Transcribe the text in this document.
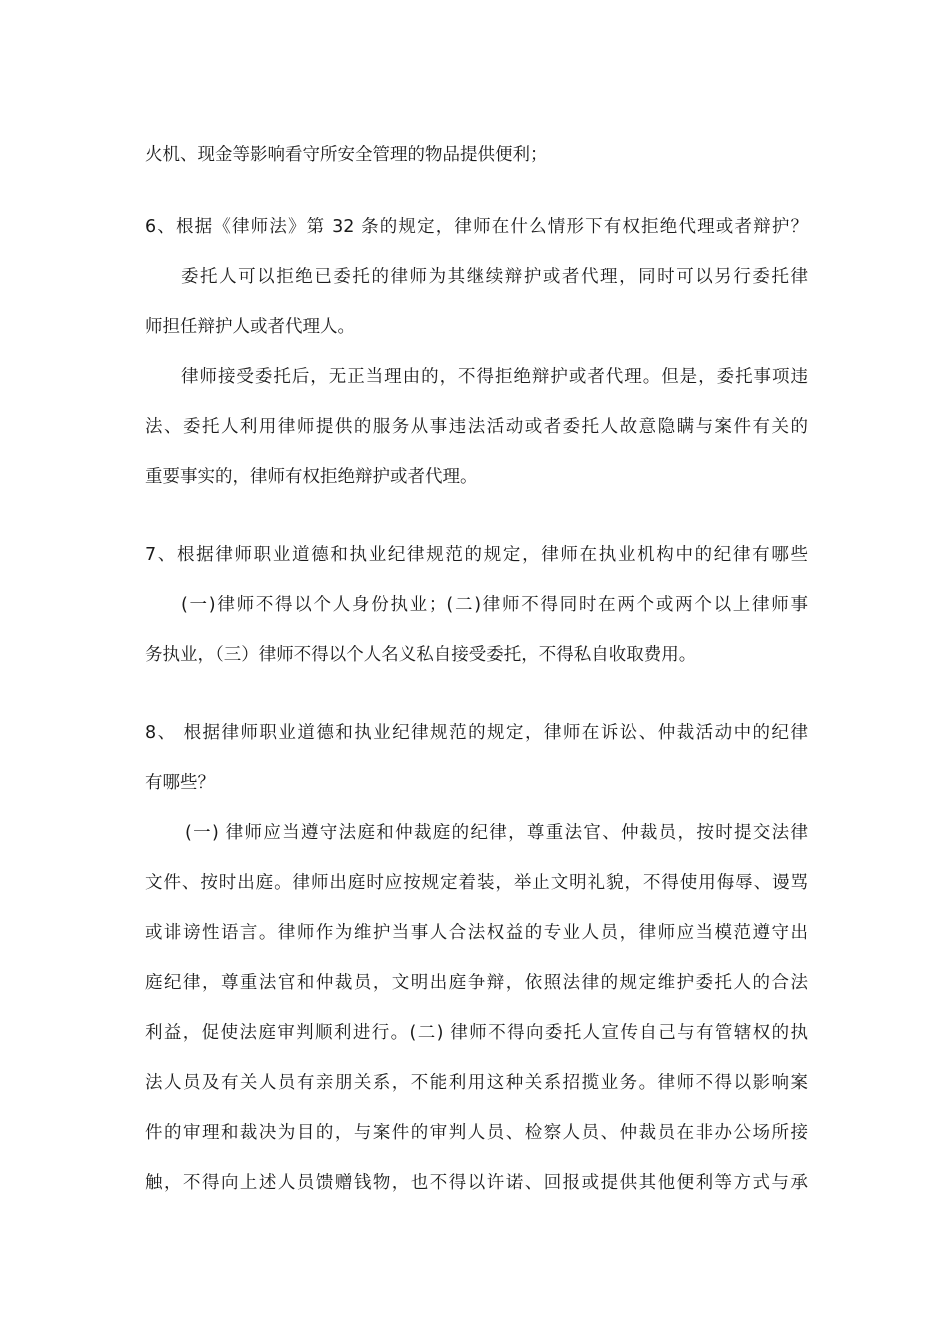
火机、现金等影响看守所安全管理的物品提供便利；
6、根据《律师法》第 32 条的规定，律师在什么情形下有权拒绝代理或者辩护？
委托人可以拒绝已委托的律师为其继续辩护或者代理，同时可以另行委托律
师担任辩护人或者代理人。
律师接受委托后，无正当理由的，不得拒绝辩护或者代理。但是，委托事项违
法、委托人利用律师提供的服务从事违法活动或者委托人故意隐瞒与案件有关的
重要事实的，律师有权拒绝辩护或者代理。
7、根据律师职业道德和执业纪律规范的规定，律师在执业机构中的纪律有哪些
(一)律师不得以个人身份执业；(二)律师不得同时在两个或两个以上律师事
务执业，（三）律师不得以个人名义私自接受委托，不得私自收取费用。
8、 根据律师职业道德和执业纪律规范的规定，律师在诉讼、仲裁活动中的纪律
有哪些？
(一) 律师应当遵守法庭和仲裁庭的纪律，尊重法官、仲裁员，按时提交法律
文件、按时出庭。律师出庭时应按规定着装，举止文明礼貌，不得使用侮辱、谩骂
或诽谤性语言。律师作为维护当事人合法权益的专业人员，律师应当模范遵守出
庭纪律，尊重法官和仲裁员，文明出庭争辩，依照法律的规定维护委托人的合法
利益，促使法庭审判顺利进行。(二) 律师不得向委托人宣传自己与有管辖权的执
法人员及有关人员有亲朋关系，不能利用这种关系招揽业务。律师不得以影响案
件的审理和裁决为目的，与案件的审判人员、检察人员、仲裁员在非办公场所接
触，不得向上述人员馈赠钱物，也不得以许诺、回报或提供其他便利等方式与承
